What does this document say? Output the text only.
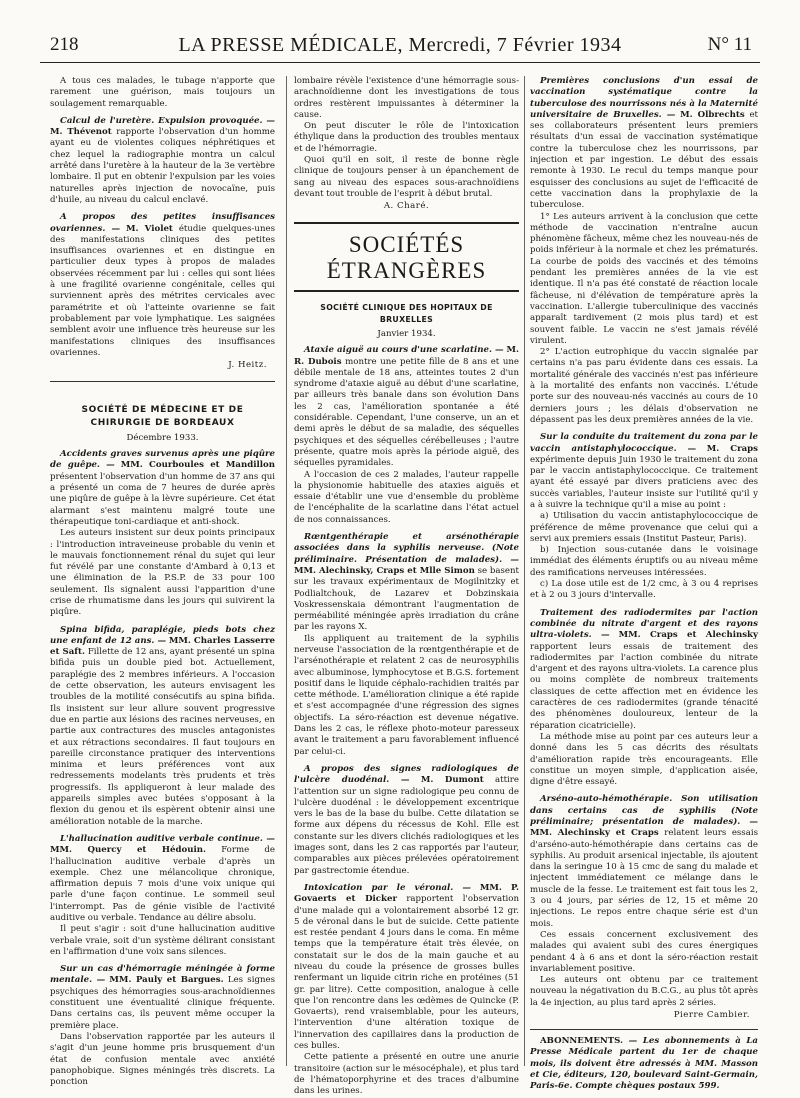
218	LA PRESSE MÉDICALE, Mercredi, 7 Février 1934	N° 11

A tous ces malades, le tubage n'apporte que rarement une guérison, mais toujours un soulagement remarquable.

Calcul de l'uretère. Expulsion provoquée. — M. Thévenot rapporte l'observation d'un homme ayant eu de violentes coliques néphrétiques et chez lequel la radiographie montra un calcul arrêté dans l'uretère à la hauteur de la 3e vertèbre lombaire. Il put en obtenir l'expulsion par les voies naturelles après injection de novocaïne, puis d'huile, au niveau du calcul enclavé.

A propos des petites insuffisances ovariennes. — M. Violet étudie quelques-unes des manifestations cliniques des petites insuffisances ovariennes et en distingue en particulier deux types à propos de malades observées récemment par lui : celles qui sont liées à une fragilité ovarienne congénitale, celles qui surviennent après des métrites cervicales avec paramétrite et où l'atteinte ovarienne se fait probablement par voie lymphatique. Les saignées semblent avoir une influence très heureuse sur les manifestations cliniques des insuffisances ovariennes.

J. Heitz.
SOCIÉTÉ DE MÉDECINE ET DE CHIRURGIE DE BORDEAUX
Décembre 1933.

Accidents graves survenus après une piqûre de guêpe. — MM. Courboules et Mandillon présentent l'observation d'un homme de 37 ans qui a présenté un coma de 7 heures de durée après une piqûre de guêpe à la lèvre supérieure. Cet état alarmant s'est maintenu malgré toute une thérapeutique toni-cardiaque et anti-shock.

Les auteurs insistent sur deux points principaux : l'introduction intraveineuse probable du venin et le mauvais fonctionnement rénal du sujet qui leur fut révélé par une constante d'Ambard à 0,13 et une élimination de la P.S.P. de 33 pour 100 seulement. Ils signalent aussi l'apparition d'une crise de rhumatisme dans les jours qui suivirent la piqûre.

Spina bifida, paraplégie, pieds bots chez une enfant de 12 ans. — MM. Charles Lasserre et Saft. Fillette de 12 ans, ayant présenté un spina bifida puis un double pied bot. Actuellement, paraplégie des 2 membres inférieurs. A l'occasion de cette observation, les auteurs envisagent les troubles de la motilité consécutifs au spina bifida. Ils insistent sur leur allure souvent progressive due en partie aux lésions des racines nerveuses, en partie aux contractures des muscles antagonistes et aux rétractions secondaires. Il faut toujours en pareille circonstance pratiquer des interventions minima et leurs préférences vont aux redressements modelants très prudents et très progressifs. Ils appliqueront à leur malade des appareils simples avec butées s'opposant à la flexion du genou et ils espèrent obtenir ainsi une amélioration notable de la marche.

L'hallucination auditive verbale continue. — MM. Quercy et Hédouin. Forme de l'hallucination auditive verbale d'après un exemple. Chez une mélancolique chronique, affirmation depuis 7 mois d'une voix unique qui parle d'une façon continue. Le sommeil seul l'interrompt. Pas de génie visible de l'activité auditive ou verbale. Tendance au délire absolu.

Il peut s'agir : soit d'une hallucination auditive verbale vraie, soit d'un système délirant consistant en l'affirmation d'une voix sans silences.

Sur un cas d'hémorragie méningée à forme mentale. — MM. Pauly et Bargues. Les signes psychiques des hémorragies sous-arachnoïdiennes constituent une éventualité clinique fréquente. Dans certains cas, ils peuvent même occuper la première place.

Dans l'observation rapportée par les auteurs il s'agit d'un jeune homme pris brusquement d'un état de confusion mentale avec anxiété panophobique. Signes méningés très discrets. La ponction

lombaire révèle l'existence d'une hémorragie sous-arachnoïdienne dont les investigations de tous ordres restèrent impuissantes à déterminer la cause.

On peut discuter le rôle de l'intoxication éthylique dans la production des troubles mentaux et de l'hémorragie.

Quoi qu'il en soit, il reste de bonne règle clinique de toujours penser à un épanchement de sang au niveau des espaces sous-arachnoïdiens devant tout trouble de l'esprit à début brutal.

A. Charé.
SOCIÉTÉS ÉTRANGÈRES
SOCIÉTÉ CLINIQUE DES HOPITAUX DE BRUXELLES
Janvier 1934.

Ataxie aiguë au cours d'une scarlatine. — M. R. Dubois montre une petite fille de 8 ans et une débile mentale de 18 ans, atteintes toutes 2 d'un syndrome d'ataxie aiguë au début d'une scarlatine, par ailleurs très banale dans son évolution Dans les 2 cas, l'amélioration spontanée a été considérable. Cependant, l'une conserve, un an et demi après le début de sa maladie, des séquelles psychiques et des séquelles cérébelleuses ; l'autre présente, quatre mois après la période aiguë, des séquelles pyramidales.

A l'occasion de ces 2 malades, l'auteur rappelle la physionomie habituelle des ataxies aiguës et essaie d'établir une vue d'ensemble du problème de l'encéphalite de la scarlatine dans l'état actuel de nos connaissances.

Rœntgenthérapie et arsénothérapie associées dans la syphilis nerveuse. (Note préliminaire. Présentation de malades). — MM. Alechinsky, Craps et Mlle Simon se basent sur les travaux expérimentaux de Mogilnitzky et Podlialtchouk, de Lazarev et Dobzinskaia Voskressenskaia démontrant l'augmentation de perméabilité méningée après irradiation du crâne par les rayons X.

Ils appliquent au traitement de la syphilis nerveuse l'association de la rœntgenthérapie et de l'arsénothérapie et relatent 2 cas de neurosyphilis avec albuminose, lymphocytose et B.G.S. fortement positif dans le liquide céphalo-rachidien traités par cette méthode. L'amélioration clinique a été rapide et s'est accompagnée d'une régression des signes objectifs. La séro-réaction est devenue négative. Dans les 2 cas, le réflexe photo-moteur paresseux avant le traitement a paru favorablement influencé par celui-ci.

A propos des signes radiologiques de l'ulcère duodénal. — M. Dumont attire l'attention sur un signe radiologique peu connu de l'ulcère duodénal : le développement excentrique vers le bas de la base du bulbe. Cette dilatation se forme aux dépens du récessus de Kohl. Elle est constante sur les divers clichés radiologiques et les images sont, dans les 2 cas rapportés par l'auteur, comparables aux pièces prélevées opératoirement par gastrectomie étendue.

Intoxication par le véronal. — MM. P. Govaerts et Dicker rapportent l'observation d'une malade qui a volontairement absorbé 12 gr. 5 de véronal dans le but de suicide. Cette patiente est restée pendant 4 jours dans le coma. En même temps que la température était très élevée, on constatait sur le dos de la main gauche et au niveau du coude la présence de grosses bulles renfermant un liquide citrin riche en protéines (51 gr. par litre). Cette composition, analogue à celle que l'on rencontre dans les œdèmes de Quincke (P. Govaerts), rend vraisemblable, pour les auteurs, l'intervention d'une altération toxique de l'innervation des capillaires dans la production de ces bulles.

Cette patiente a présenté en outre une anurie transitoire (action sur le mésocéphale), et plus tard de l'hématoporphyrine et des traces d'albumine dans les urines.

Premières conclusions d'un essai de vaccination systématique contre la tuberculose des nourrissons nés à la Maternité universitaire de Bruxelles. — M. Olbrechts et ses collaborateurs présentent leurs premiers résultats d'un essai de vaccination systématique contre la tuberculose chez les nourrissons, par injection et par ingestion. Le début des essais remonte à 1930. Le recul du temps manque pour esquisser des conclusions au sujet de l'efficacité de cette vaccination dans la prophylaxie de la tuberculose.

1° Les auteurs arrivent à la conclusion que cette méthode de vaccination n'entraîne aucun phénomène fâcheux, même chez les nouveau-nés de poids inférieur à la normale et chez les prématurés. La courbe de poids des vaccinés et des témoins pendant les premières années de la vie est identique. Il n'a pas été constaté de réaction locale fâcheuse, ni d'élévation de température après la vaccination. L'allergie tuberculinique des vaccinés apparaît tardivement (2 mois plus tard) et est souvent faible. Le vaccin ne s'est jamais révélé virulent.

2° L'action eutrophique du vaccin signalée par certains n'a pas paru évidente dans ces essais. La mortalité générale des vaccinés n'est pas inférieure à la mortalité des enfants non vaccinés. L'étude porte sur des nouveau-nés vaccinés au cours de 10 derniers jours ; les délais d'observation ne dépassent pas les deux premières années de la vie.

Sur la conduite du traitement du zona par le vaccin antistaphylococcique. — M. Craps expérimente depuis Juin 1930 le traitement du zona par le vaccin antistaphylococcique. Ce traitement ayant été essayé par divers praticiens avec des succès variables, l'auteur insiste sur l'utilité qu'il y a à suivre la technique qu'il a mise au point :

a) Utilisation du vaccin antistaphylococcique de préférence de même provenance que celui qui a servi aux premiers essais (Institut Pasteur, Paris).

b) Injection sous-cutanée dans le voisinage immédiat des éléments éruptifs ou au niveau même des ramifications nerveuses intéressées.

c) La dose utile est de 1/2 cmc, à 3 ou 4 reprises et à 2 ou 3 jours d'intervalle.

Traitement des radiodermites par l'action combinée du nitrate d'argent et des rayons ultra-violets. — MM. Craps et Alechinsky rapportent leurs essais de traitement des radiodermites par l'action combinée du nitrate d'argent et des rayons ultra-violets. La carence plus ou moins complète de nombreux traitements classiques de cette affection met en évidence les caractères de ces radiodermites (grande ténacité des phénomènes douloureux, lenteur de la réparation cicatricielle).

La méthode mise au point par ces auteurs leur a donné dans les 5 cas décrits des résultats d'amélioration rapide très encourageants. Elle constitue un moyen simple, d'application aisée, digne d'être essayé.

Arséno-auto-hémothérapie. Son utilisation dans certains cas de syphilis (Note préliminaire; présentation de malades). — MM. Alechinsky et Craps relatent leurs essais d'arséno-auto-hémothérapie dans certains cas de syphilis. Au produit arsenical injectable, ils ajoutent dans la seringue 10 à 15 cmc de sang du malade et injectent immédiatement ce mélange dans le muscle de la fesse. Le traitement est fait tous les 2, 3 ou 4 jours, par séries de 12, 15 et même 20 injections. Le repos entre chaque série est d'un mois.

Ces essais concernent exclusivement des malades qui avaient subi des cures énergiques pendant 4 à 6 ans et dont la séro-réaction restait invariablement positive.

Les auteurs ont obtenu par ce traitement nouveau la négativation du B.C.G., au plus tôt après la 4e injection, au plus tard après 2 séries.

Pierre Cambier.

ABONNEMENTS. — Les abonnements à La Presse Médicale partent du 1er de chaque mois, ils doivent être adressés à MM. Masson et Cie, éditeurs, 120, boulevard Saint-Germain, Paris-6e. Compte chèques postaux 599.
